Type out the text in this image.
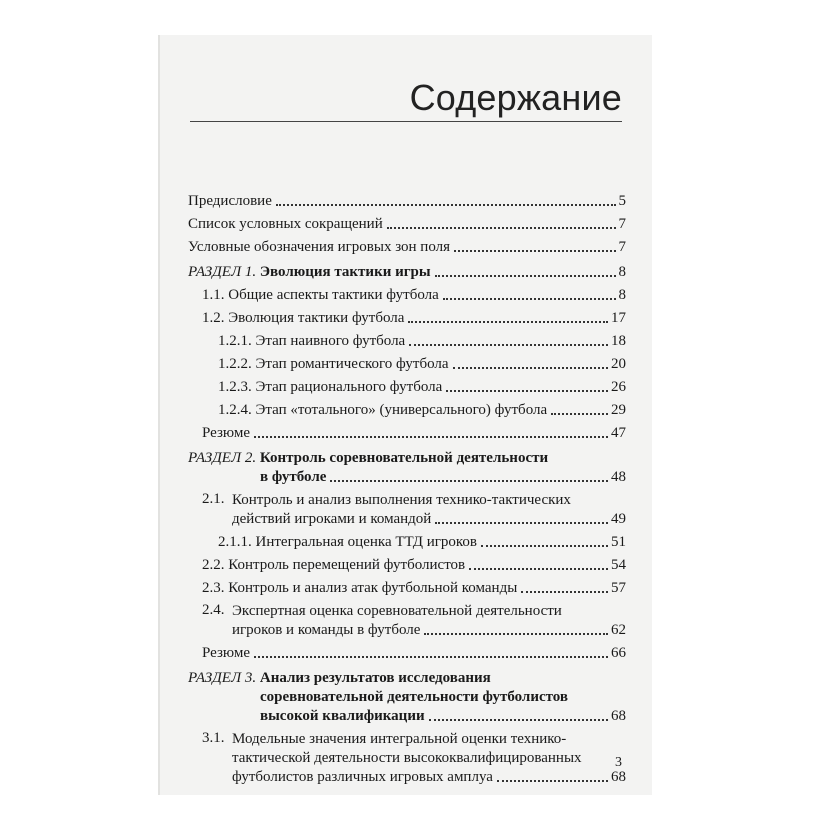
Содержание
Предисловие	5
Список условных сокращений	7
Условные обозначения игровых зон поля	7
РАЗДЕЛ 1.
Эволюция тактики игры	8
1.1. Общие аспекты тактики футбола	8
1.2. Эволюция тактики футбола	17
1.2.1. Этап наивного футбола	18
1.2.2. Этап романтического футбола	20
1.2.3. Этап рационального футбола	26
1.2.4. Этап «тотального» (универсального) футбола	29
Резюме	47
РАЗДЕЛ 2. Контроль соревновательной деятельности
в футболе	48
2.1. Контроль и анализ выполнения технико-тактических
действий игроками и командой	49
2.1.1. Интегральная оценка ТТД игроков	51
2.2. Контроль перемещений футболистов	54
2.3. Контроль и анализ атак футбольной команды	57
2.4. Экспертная оценка соревновательной деятельности
игроков и команды в футболе	62
Резюме	66
РАЗДЕЛ 3. Анализ результатов исследования
соревновательной деятельности футболистов
высокой квалификации	68
3.1. Модельные значения интегральной оценки технико-
тактической деятельности высококвалифицированных
футболистов различных игровых амплуа	68
3
